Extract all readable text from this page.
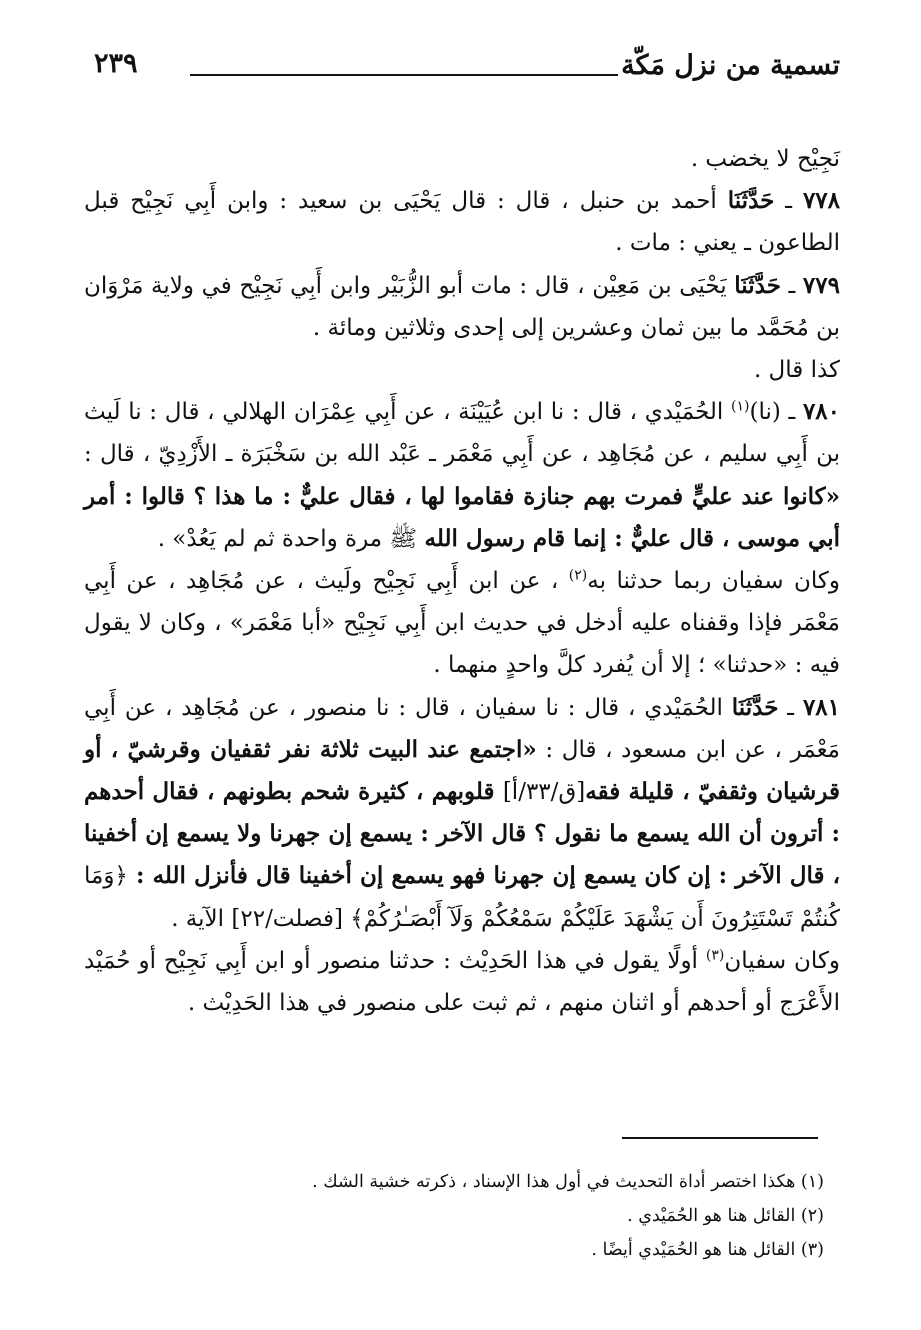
تسمية من نزل مَكّة
٢٣٩

نَجِيْح لا يخضب .

٧٧٨ ـ حَدَّثَنَا أحمد بن حنبل ، قال : قال يَحْيَى بن سعيد : وابن أَبِي نَجِيْح قبل الطاعون ـ يعني : مات .

٧٧٩ ـ حَدَّثَنَا يَحْيَى بن مَعِيْن ، قال : مات أبو الزُّبَيْر وابن أَبِي نَجِيْح في ولاية مَرْوَان بن مُحَمَّد ما بين ثمان وعشرين إلى إحدى وثلاثين ومائة .

كذا قال .

٧٨٠ ـ (نا)$^{(١)}$ الحُمَيْدي ، قال : نا ابن عُيَيْنَة ، عن أَبِي عِمْرَان الهلالي ، قال : نا لَيث بن أَبِي سليم ، عن مُجَاهِد ، عن أَبِي مَعْمَر ـ عَبْد الله بن سَخْبَرَة ـ الأَزْدِيّ ، قال : «كانوا عند عليٍّ فمرت بهم جنازة فقاموا لها ، فقال عليٌّ : ما هذا ؟ قالوا : أمر أبي موسى ، قال عليٌّ : إنما قام رسول الله ﷺ مرة واحدة ثم لم يَعُدْ» .

وكان سفيان ربما حدثنا به$^{(٢)}$ ، عن ابن أَبِي نَجِيْح ولَيث ، عن مُجَاهِد ، عن أَبِي مَعْمَر فإذا وقفناه عليه أدخل في حديث ابن أَبِي نَجِيْح «أبا مَعْمَر» ، وكان لا يقول فيه : «حدثنا» ؛ إلا أن يُفرد كلَّ واحدٍ منهما .

٧٨١ ـ حَدَّثَنَا الحُمَيْدي ، قال : نا سفيان ، قال : نا منصور ، عن مُجَاهِد ، عن أَبِي مَعْمَر ، عن ابن مسعود ، قال : «اجتمع عند البيت ثلاثة نفر ثقفيان وقرشيّ ، أو قرشيان وثقفيّ ، قليلة فقه[ق/٣٣/أ] قلوبهم ، كثيرة شحم بطونهم ، فقال أحدهم : أترون أن الله يسمع ما نقول ؟ قال الآخر : يسمع إن جهرنا ولا يسمع إن أخفينا ، قال الآخر : إن كان يسمع إن جهرنا فهو يسمع إن أخفينا قال فأنزل الله : ﴿وَمَا كُنتُمْ تَسْتَتِرُونَ أَن يَشْهَدَ عَلَيْكُمْ سَمْعُكُمْ وَلَآ أَبْصَـٰرُكُمْ﴾ [فصلت/٢٢] الآية .

وكان سفيان$^{(٣)}$ أولًا يقول في هذا الحَدِيْث : حدثنا منصور أو ابن أَبِي نَجِيْح أو حُمَيْد الأَعْرَج أو أحدهم أو اثنان منهم ، ثم ثبت على منصور في هذا الحَدِيْث .

(١) هكذا اختصر أداة التحديث في أول هذا الإسناد ، ذكرته خشية الشك .
(٢) القائل هنا هو الحُمَيْدي .
(٣) القائل هنا هو الحُمَيْدي أيضًا .
